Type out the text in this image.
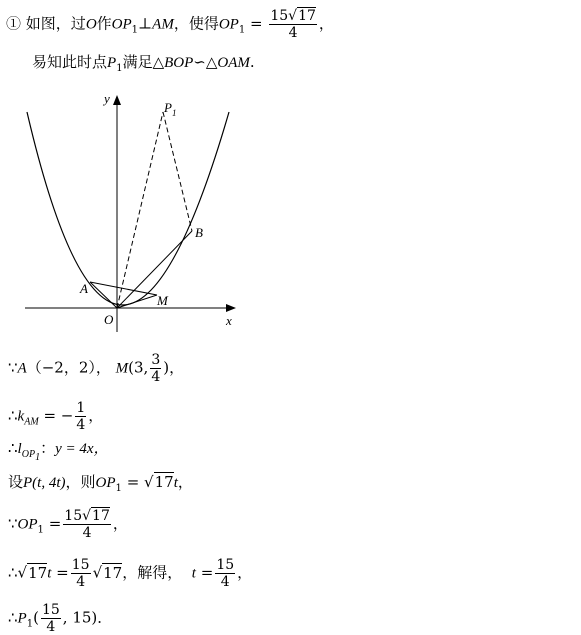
① 如图，过O作$OP_1\perp AM$，使得$OP_1 = \frac{15√17}{4}$ ，
易知此时点$P_1$满足△BOP∽△OAM.
y
x
O
A
B
M
P 1
∵A（−2，2）， M(3, $\frac{3}{4}$ )，
$\therefore k_{AM}$ = − $\frac{1}{4}$ ，
$\therefore l_{OP_1}$：y = 4x，
设P(t, 4t)，则$OP_1 = √17t$，
$\because OP_1 = \frac{15√17}{4}$ ，
∴√17t = $\frac{15}{4} √17$，解得， $t = \frac{15}{4}$ ，
$\therefore P_1( \frac{15}{4}$ , 15)．
